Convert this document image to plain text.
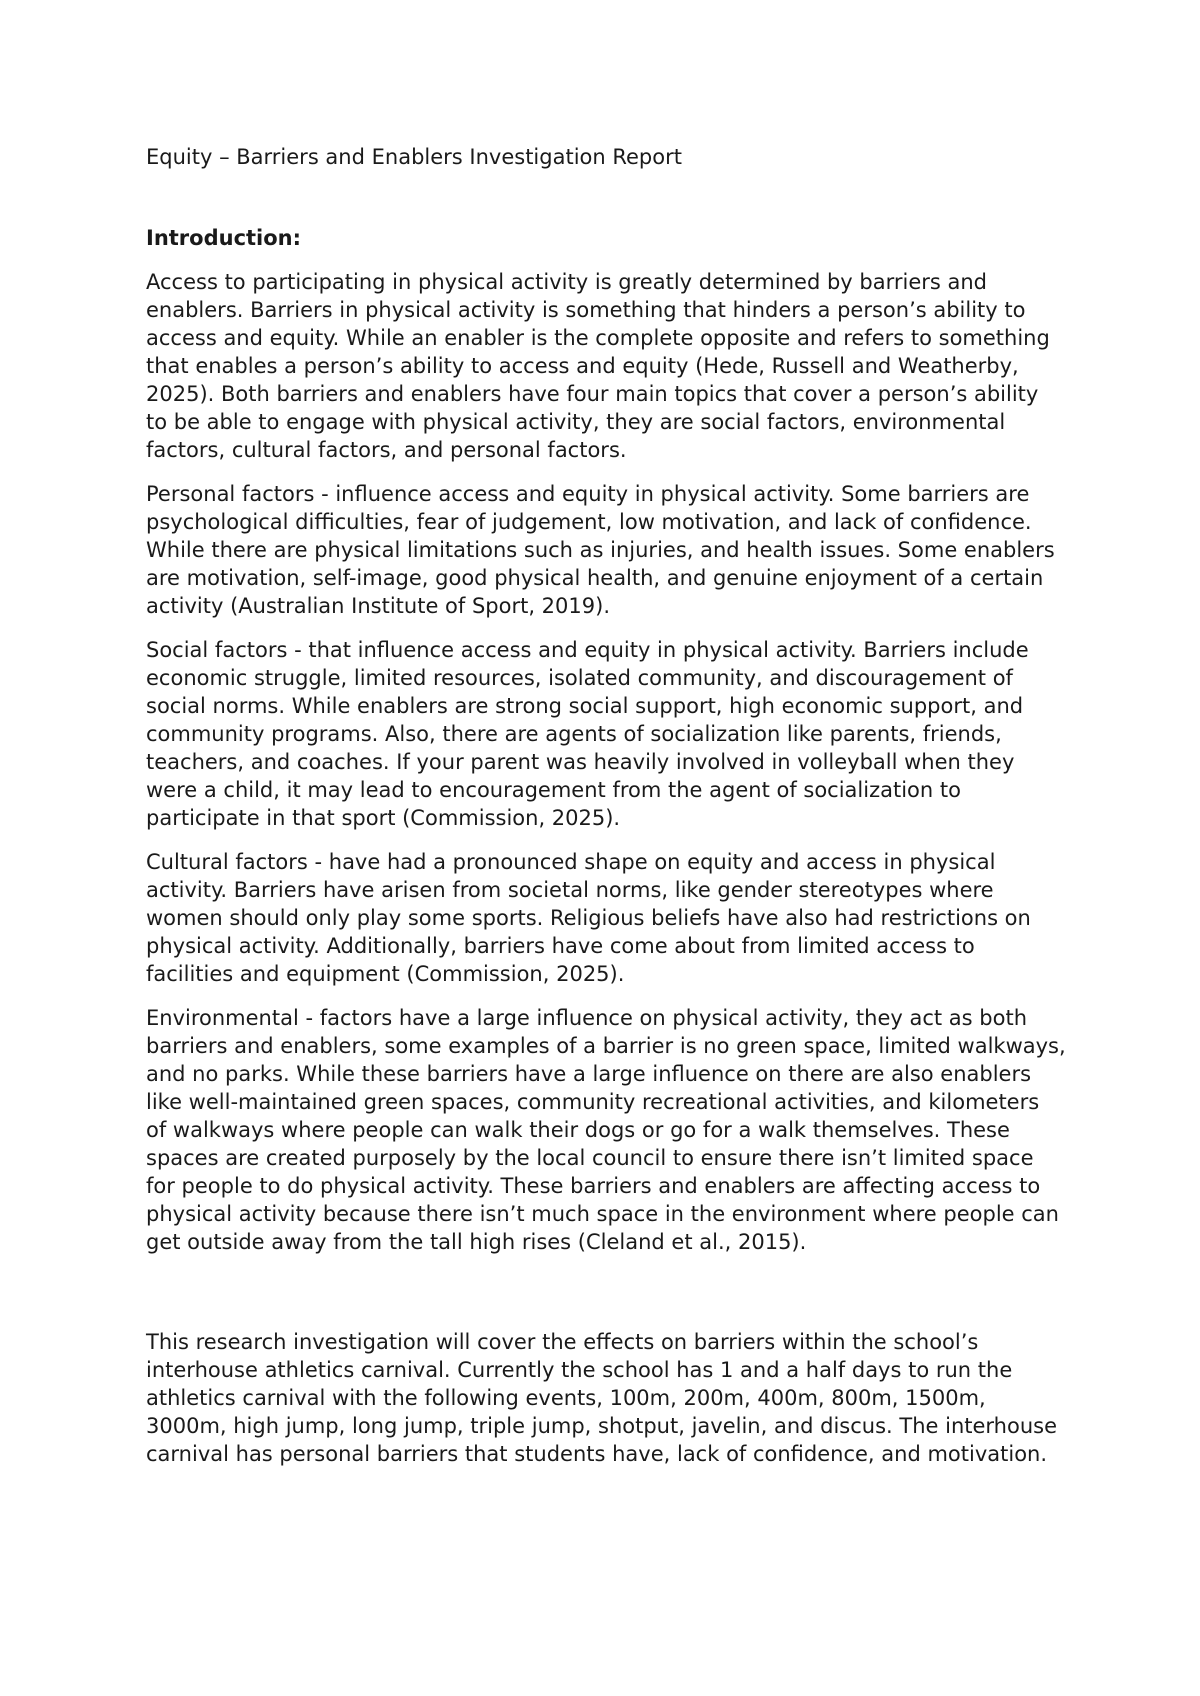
Equity – Barriers and Enablers Investigation Report
Introduction:

Access to participating in physical activity is greatly determined by barriers and enablers. Barriers in physical activity is something that hinders a person’s ability to access and equity. While an enabler is the complete opposite and refers to something that enables a person’s ability to access and equity (Hede, Russell and Weatherby, 2025). Both barriers and enablers have four main topics that cover a person’s ability to be able to engage with physical activity, they are social factors, environmental factors, cultural factors, and personal factors.

Personal factors - influence access and equity in physical activity. Some barriers are psychological difficulties, fear of judgement, low motivation, and lack of confidence. While there are physical limitations such as injuries, and health issues. Some enablers are motivation, self-image, good physical health, and genuine enjoyment of a certain activity (Australian Institute of Sport, 2019).

Social factors - that influence access and equity in physical activity. Barriers include economic struggle, limited resources, isolated community, and discouragement of social norms. While enablers are strong social support, high economic support, and community programs. Also, there are agents of socialization like parents, friends, teachers, and coaches. If your parent was heavily involved in volleyball when they were a child, it may lead to encouragement from the agent of socialization to participate in that sport (Commission, 2025).

Cultural factors - have had a pronounced shape on equity and access in physical activity. Barriers have arisen from societal norms, like gender stereotypes where women should only play some sports. Religious beliefs have also had restrictions on physical activity. Additionally, barriers have come about from limited access to facilities and equipment (Commission, 2025).

Environmental - factors have a large influence on physical activity, they act as both barriers and enablers, some examples of a barrier is no green space, limited walkways, and no parks. While these barriers have a large influence on there are also enablers like well-maintained green spaces, community recreational activities, and kilometers of walkways where people can walk their dogs or go for a walk themselves. These spaces are created purposely by the local council to ensure there isn’t limited space for people to do physical activity. These barriers and enablers are affecting access to physical activity because there isn’t much space in the environment where people can get outside away from the tall high rises (Cleland et al., 2015).

This research investigation will cover the effects on barriers within the school’s interhouse athletics carnival. Currently the school has 1 and a half days to run the athletics carnival with the following events, 100m, 200m, 400m, 800m, 1500m, 3000m, high jump, long jump, triple jump, shotput, javelin, and discus. The interhouse carnival has personal barriers that students have, lack of confidence, and motivation.
